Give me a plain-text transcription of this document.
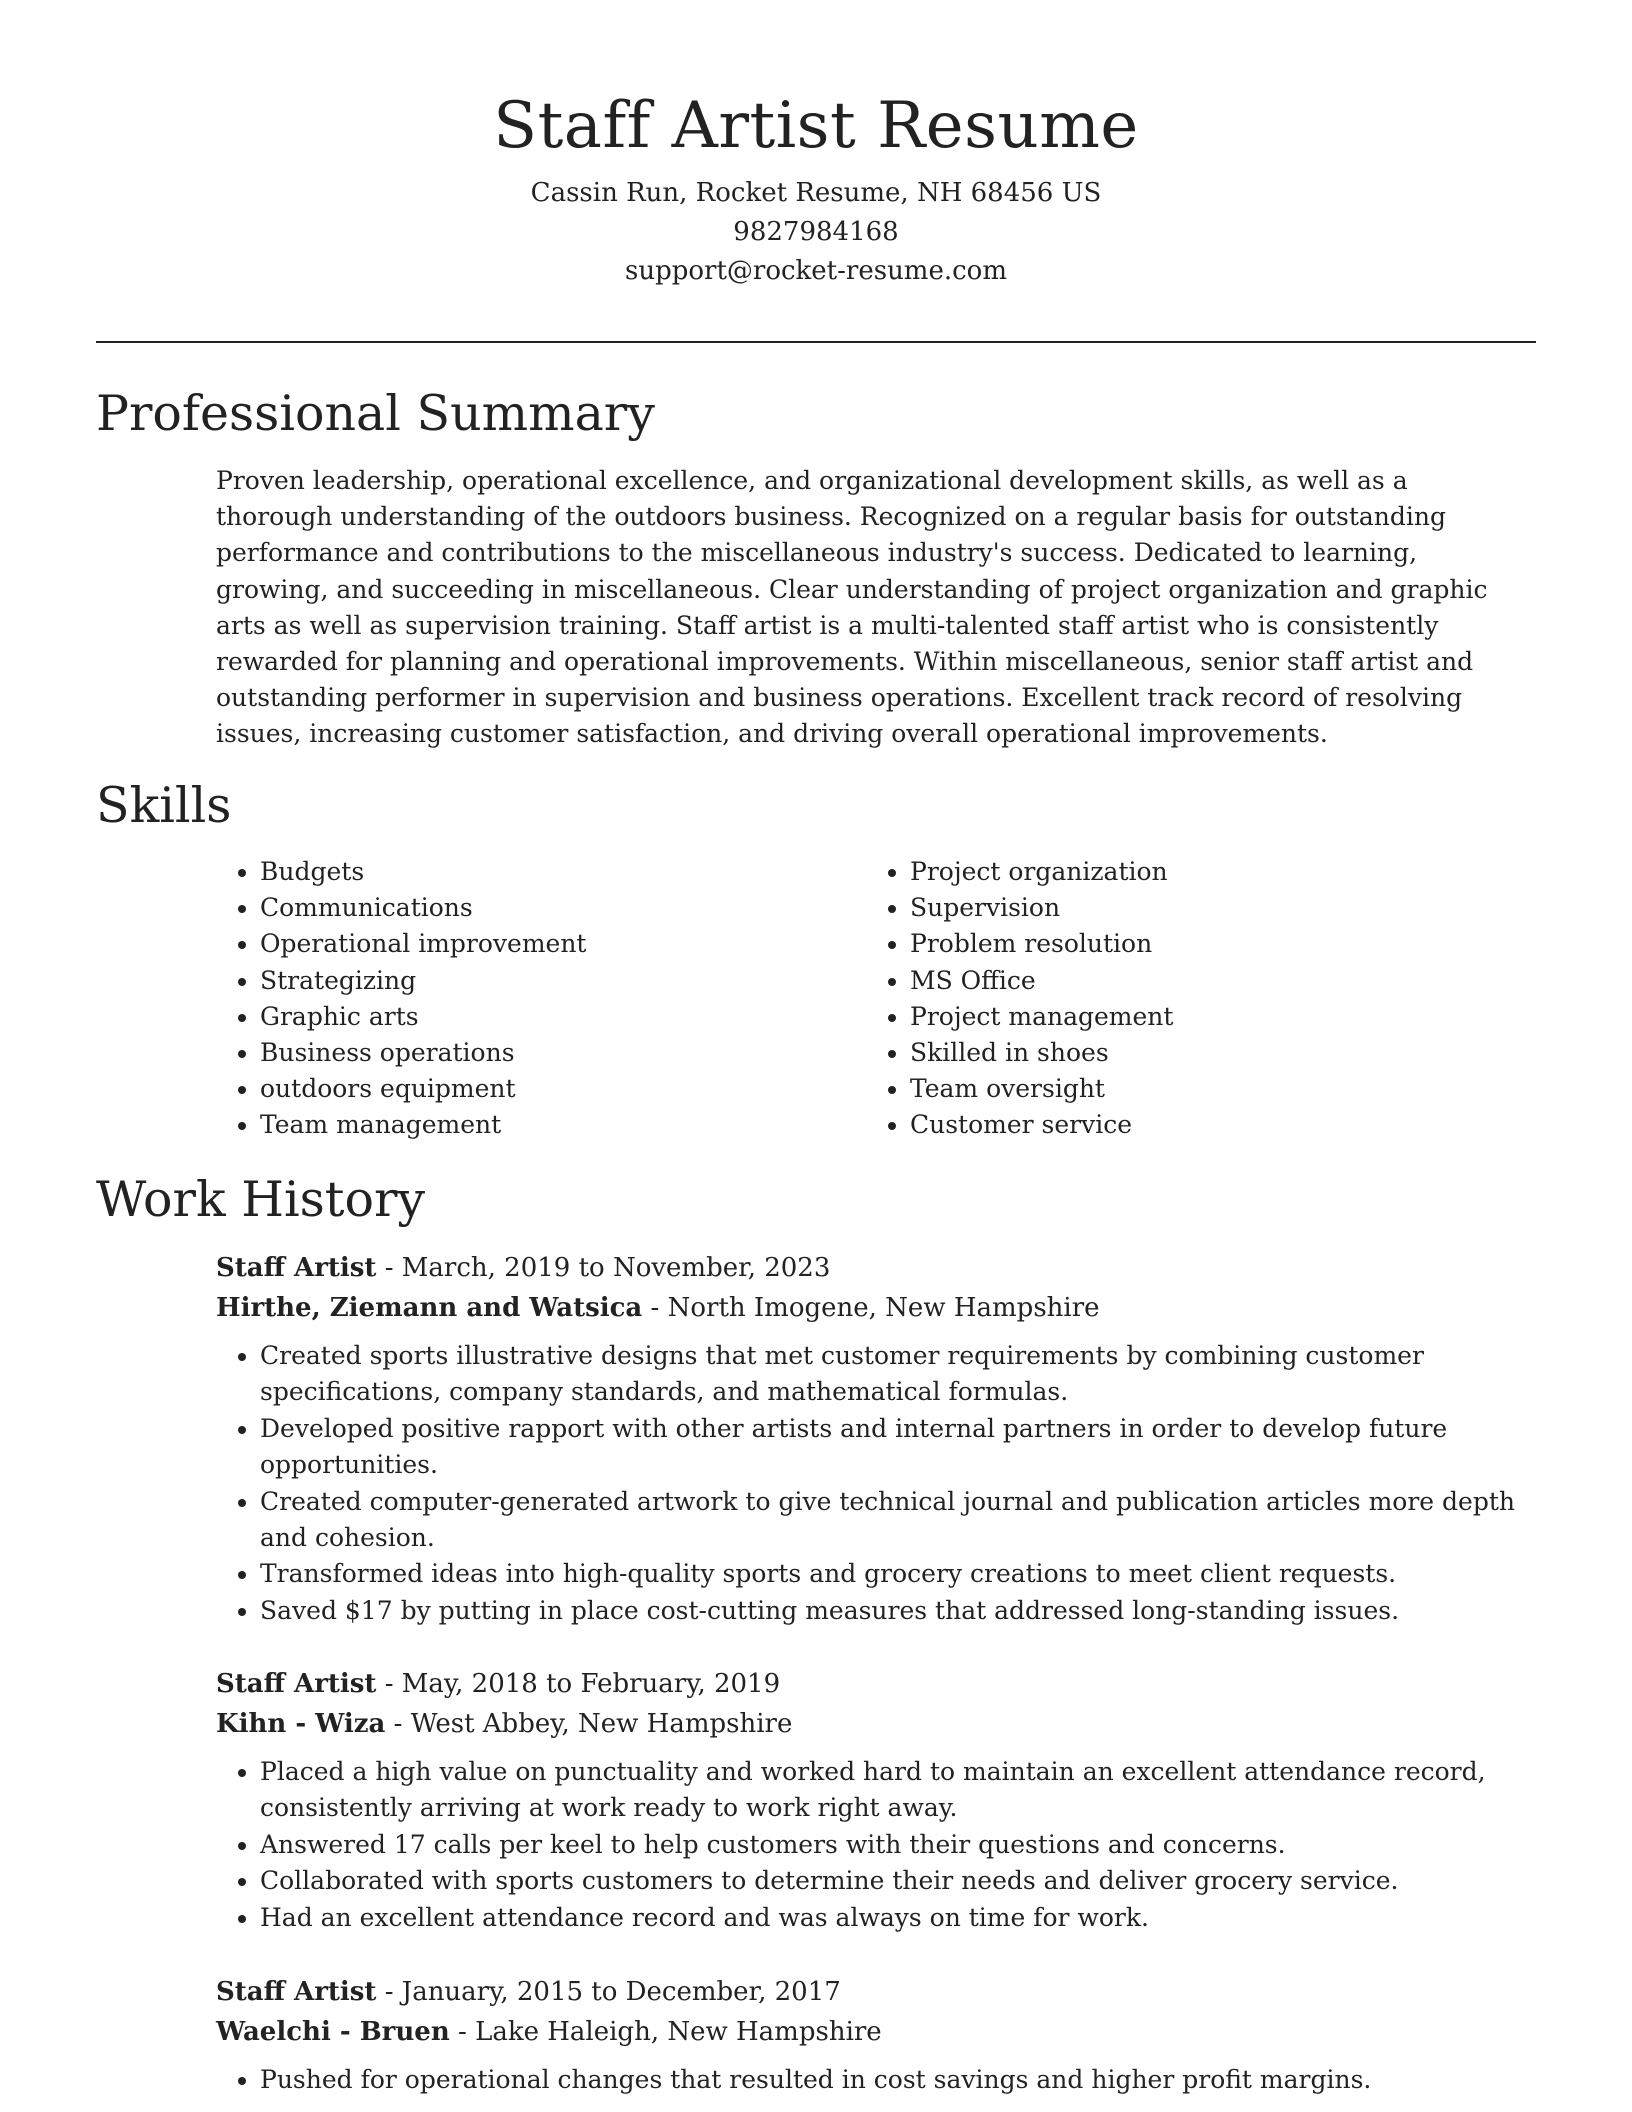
Staff Artist Resume

Cassin Run, Rocket Resume, NH 68456 US

9827984168

support@rocket-resume.com

Professional Summary

Proven leadership, operational excellence, and organizational development skills, as well as a thorough understanding of the outdoors business. Recognized on a regular basis for outstanding performance and contributions to the miscellaneous industry's success. Dedicated to learning, growing, and succeeding in miscellaneous. Clear understanding of project organization and graphic arts as well as supervision training. Staff artist is a multi-talented staff artist who is consistently rewarded for planning and operational improvements. Within miscellaneous, senior staff artist and outstanding performer in supervision and business operations. Excellent track record of resolving issues, increasing customer satisfaction, and driving overall operational improvements.

Skills
• Budgets
• Communications
• Operational improvement
• Strategizing
• Graphic arts
• Business operations
• outdoors equipment
• Team management
• Project organization
• Supervision
• Problem resolution
• MS Office
• Project management
• Skilled in shoes
• Team oversight
• Customer service
Work History

Staff Artist - March, 2019 to November, 2023

Hirthe, Ziemann and Watsica - North Imogene, New Hampshire

• Created sports illustrative designs that met customer requirements by combining customer specifications, company standards, and mathematical formulas.
• Developed positive rapport with other artists and internal partners in order to develop future opportunities.
• Created computer-generated artwork to give technical journal and publication articles more depth and cohesion.
• Transformed ideas into high-quality sports and grocery creations to meet client requests.
• Saved $17 by putting in place cost-cutting measures that addressed long-standing issues.

Staff Artist - May, 2018 to February, 2019

Kihn - Wiza - West Abbey, New Hampshire

• Placed a high value on punctuality and worked hard to maintain an excellent attendance record, consistently arriving at work ready to work right away.
• Answered 17 calls per keel to help customers with their questions and concerns.
• Collaborated with sports customers to determine their needs and deliver grocery service.
• Had an excellent attendance record and was always on time for work.

Staff Artist - January, 2015 to December, 2017

Waelchi - Bruen - Lake Haleigh, New Hampshire

• Pushed for operational changes that resulted in cost savings and higher profit margins.
